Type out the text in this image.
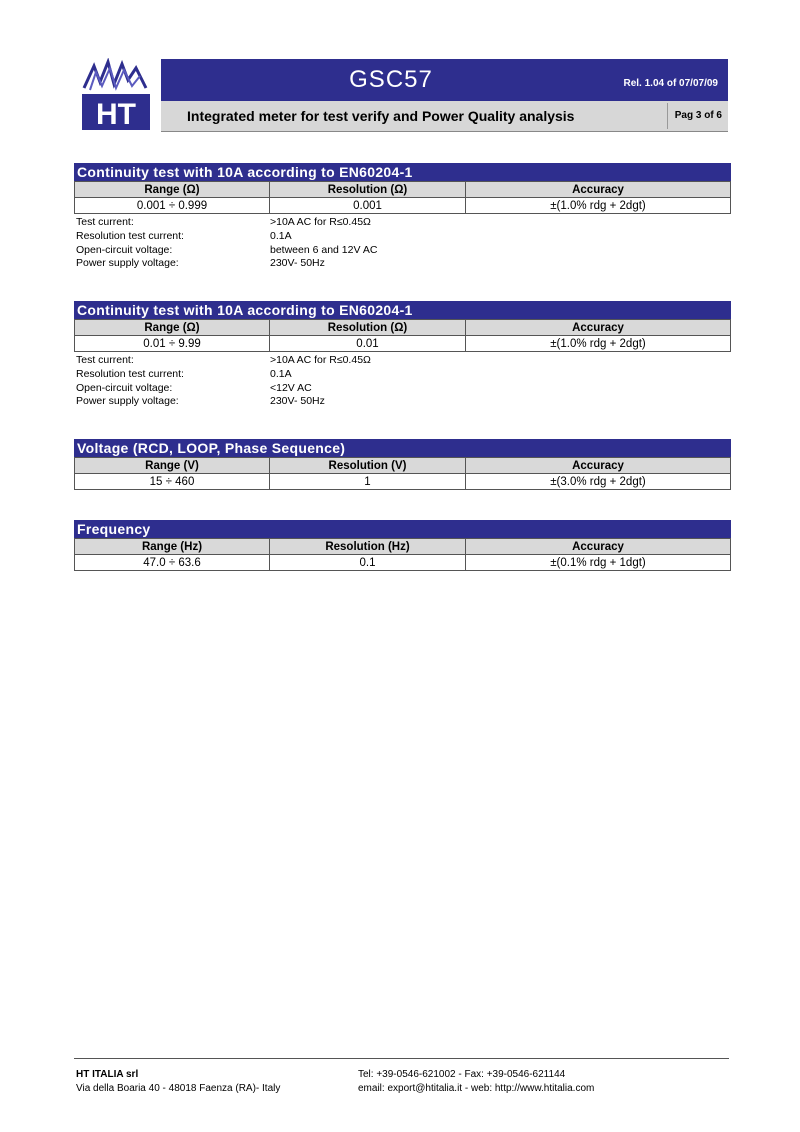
HT
GSC57	Rel. 1.04 of 07/07/09
Integrated meter for test verify and Power Quality analysis	Pag 3 of 6
Continuity test with 10A according to EN60204-1
Range (Ω)	Resolution (Ω)	Accuracy
0.001 ÷ 0.999	0.001	±(1.0% rdg + 2dgt)
Test current:	>10A AC for R≤0.45Ω
Resolution test current:	0.1A
Open-circuit voltage:	between 6 and 12V AC
Power supply voltage:	230V- 50Hz
Continuity test with 10A according to EN60204-1
Range (Ω)	Resolution (Ω)	Accuracy
0.01 ÷ 9.99	0.01	±(1.0% rdg + 2dgt)
Test current:	>10A AC for R≤0.45Ω
Resolution test current:	0.1A
Open-circuit voltage:	<12V AC
Power supply voltage:	230V- 50Hz
Voltage (RCD, LOOP, Phase Sequence)
Range (V)	Resolution (V)	Accuracy
15 ÷ 460	1	±(3.0% rdg + 2dgt)
Frequency
Range (Hz)	Resolution (Hz)	Accuracy
47.0 ÷ 63.6	0.1	±(0.1% rdg + 1dgt)
HT ITALIA srl
Via della Boaria 40 - 48018 Faenza (RA)- Italy
Tel: +39-0546-621002 - Fax: +39-0546-621144
email: export@htitalia.it - web: http://www.htitalia.com
